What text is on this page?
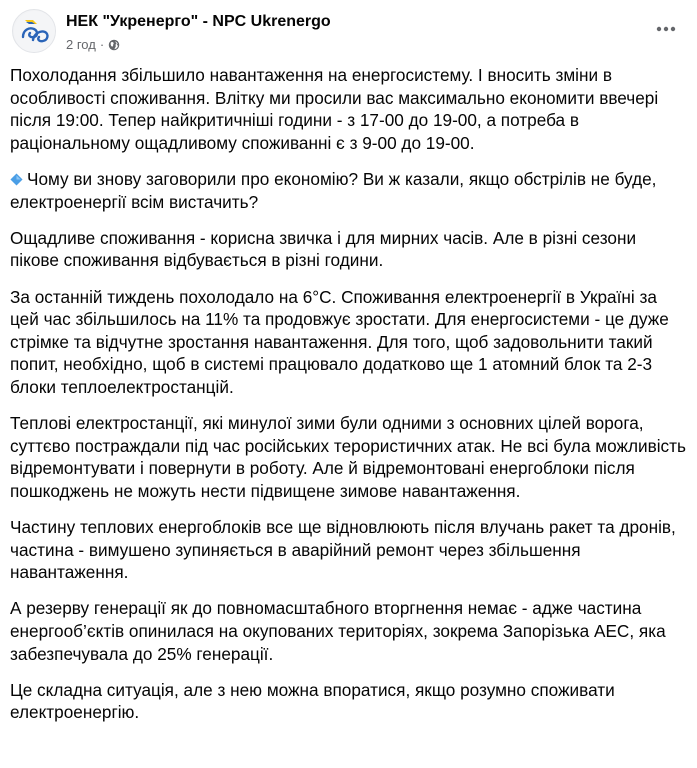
НЕК "Укренерго" - NPC Ukrenergo
2 год ·

Похолодання збільшило навантаження на енергосистему. І вносить зміни в особливості споживання. Влітку ми просили вас максимально економити ввечері після 19:00. Тепер найкритичніші години - з 17-00 до 19-00, а потреба в раціональному ощадливому споживанні є з 9-00 до 19-00.

Чому ви знову заговорили про економію? Ви ж казали, якщо обстрілів не буде, електроенергії всім вистачить?

Ощадливе споживання - корисна звичка і для мирних часів. Але в різні сезони пікове споживання відбувається в різні години.

За останній тиждень похолодало на 6°C. Споживання електроенергії в Україні за цей час збільшилось на 11% та продовжує зростати. Для енергосистеми - це дуже стрімке та відчутне зростання навантаження. Для того, щоб задовольнити такий попит, необхідно, щоб в системі працювало додатково ще 1 атомний блок та 2-3 блоки теплоелектростанцій.

Теплові електростанції, які минулої зими були одними з основних цілей ворога, суттєво постраждали під час російських терористичних атак. Не всі була можливість відремонтувати і повернути в роботу. Але й відремонтовані енергоблоки після пошкоджень не можуть нести підвищене зимове навантаження.

Частину теплових енергоблоків все ще відновлюють після влучань ракет та дронів, частина - вимушено зупиняється в аварійний ремонт через збільшення навантаження.

А резерву генерації як до повномасштабного вторгнення немає - адже частина енергооб’єктів опинилася на окупованих територіях, зокрема Запорізька АЕС, яка забезпечувала до 25% генерації.

Це складна ситуація, але з нею можна впоратися, якщо розумно споживати електроенергію.
